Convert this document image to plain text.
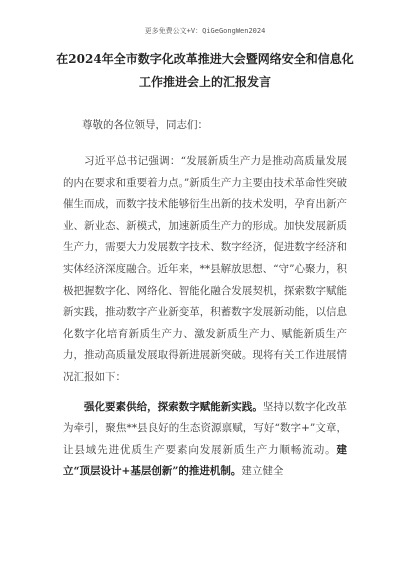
更多免费公文+V：QiGeGongWen2024
在2024年全市数字化改革推进大会暨网络安全和信息化工作推进会上的汇报发言
尊敬的各位领导，同志们：

习近平总书记强调：“发展新质生产力是推动高质量发展的内在要求和重要着力点。”新质生产力主要由技术革命性突破催生而成，而数字技术能够衍生出新的技术发明，孕育出新产业、新业态、新模式，加速新质生产力的形成。加快发展新质生产力，需要大力发展数字技术、数字经济，促进数字经济和实体经济深度融合。近年来，**县解放思想、“守”心聚力，积极把握数字化、网络化、智能化融合发展契机，探索数字赋能新实践，推动数字产业新变革，积蓄数字发展新动能，以信息化数字化培育新质生产力、激发新质生产力、赋能新质生产力，推动高质量发展取得新进展新突破。现将有关工作进展情况汇报如下：

强化要素供给，探索数字赋能新实践。坚持以数字化改革为牵引，聚焦**县良好的生态资源禀赋，写好“数字+”文章，让县域先进优质生产要素向发展新质生产力顺畅流动。建立“顶层设计+基层创新”的推进机制。建立健全
